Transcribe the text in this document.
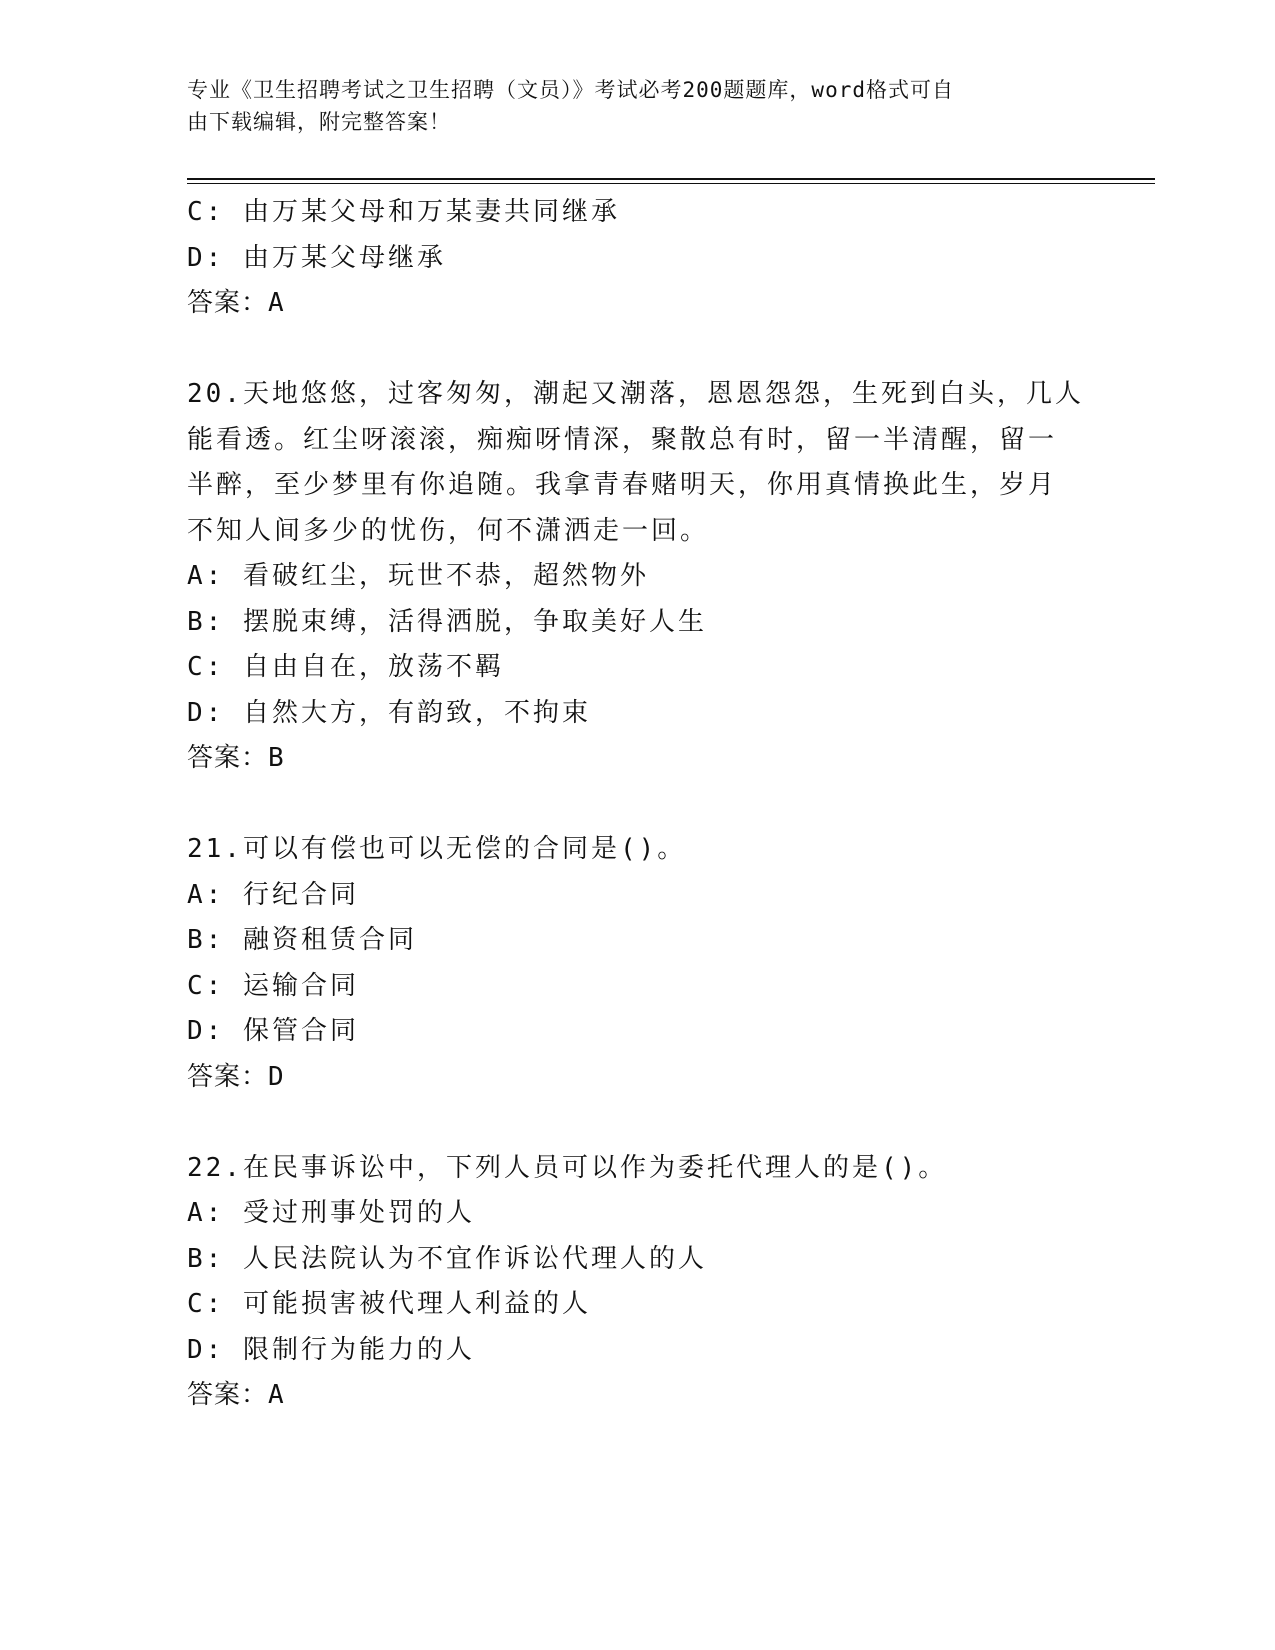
专业《卫生招聘考试之卫生招聘（文员）》考试必考200题题库，word格式可自
由下载编辑，附完整答案！
C: 由万某父母和万某妻共同继承
D: 由万某父母继承
答案：A
20.天地悠悠，过客匆匆，潮起又潮落，恩恩怨怨，生死到白头，几人
能看透。红尘呀滚滚，痴痴呀情深，聚散总有时，留一半清醒，留一
半醉，至少梦里有你追随。我拿青春赌明天，你用真情换此生，岁月
不知人间多少的忧伤，何不潇洒走一回。
A: 看破红尘，玩世不恭，超然物外
B: 摆脱束缚，活得洒脱，争取美好人生
C: 自由自在，放荡不羁
D: 自然大方，有韵致，不拘束
答案：B
21.可以有偿也可以无偿的合同是()。
A: 行纪合同
B: 融资租赁合同
C: 运输合同
D: 保管合同
答案：D
22.在民事诉讼中，下列人员可以作为委托代理人的是()。
A: 受过刑事处罚的人
B: 人民法院认为不宜作诉讼代理人的人
C: 可能损害被代理人利益的人
D: 限制行为能力的人
答案：A
